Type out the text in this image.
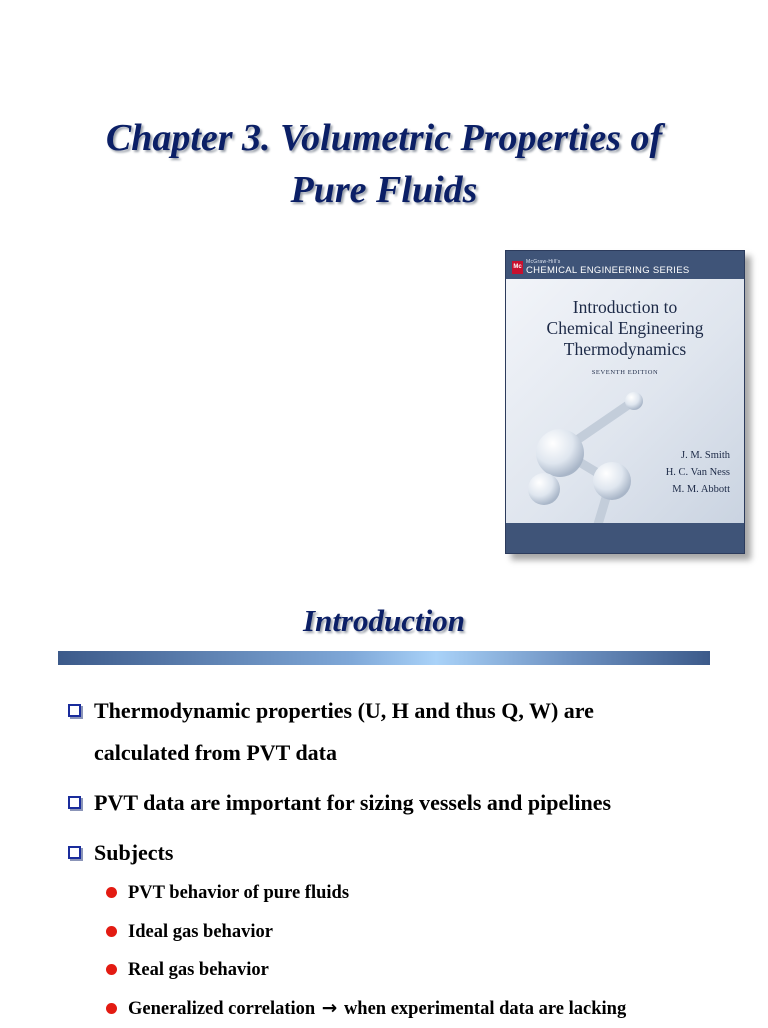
Chapter 3. Volumetric Properties of
Pure Fluids
Mc
McGraw-Hill's
CHEMICAL ENGINEERING SERIES
Introduction to
Chemical Engineering
Thermodynamics
SEVENTH EDITION
J. M. Smith
H. C. Van Ness
M. M. Abbott
Introduction
Thermodynamic properties (U, H and thus Q, W) are
calculated from PVT data
PVT data are important for sizing vessels and pipelines
Subjects
PVT behavior of pure fluids
Ideal gas behavior
Real gas behavior
Generalized correlation → when experimental data are lacking
